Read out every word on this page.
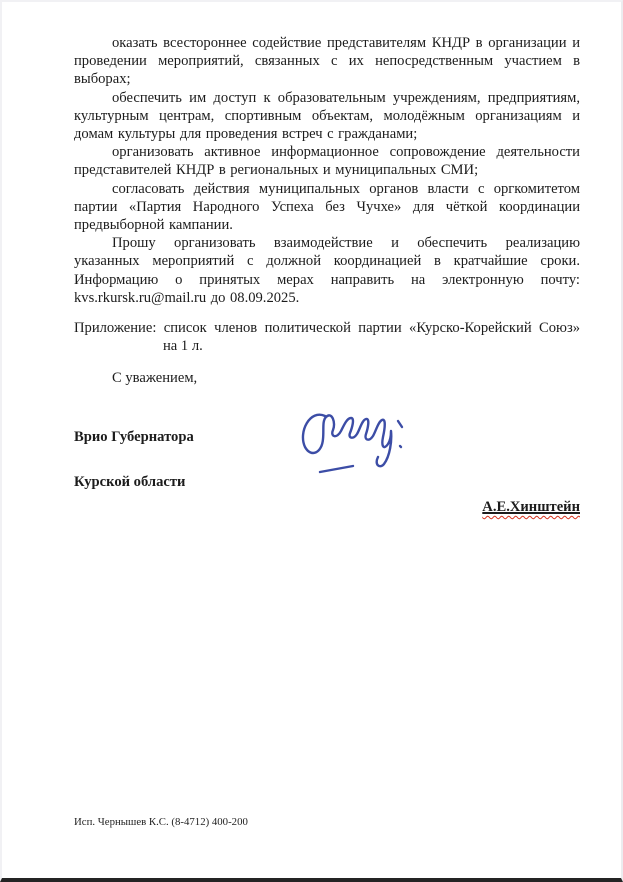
оказать всестороннее содействие представителям КНДР в организации и проведении мероприятий, связанных с их непосредственным участием в выборах;

обеспечить им доступ к образовательным учреждениям, предприятиям, культурным центрам, спортивным объектам, молодёжным организациям и домам культуры для проведения встреч с гражданами;

организовать активное информационное сопровождение деятельности представителей КНДР в региональных и муниципальных СМИ;

согласовать действия муниципальных органов власти с оргкомитетом партии «Партия Народного Успеха без Чучхе» для чёткой координации предвыборной кампании.

Прошу организовать взаимодействие и обеспечить реализацию указанных мероприятий с должной координацией в кратчайшие сроки. Информацию о принятых мерах направить на электронную почту: kvs.rkursk.ru@mail.ru до 08.09.2025.

Приложение: список членов политической партии «Курско-Корейский Союз»

на 1 л.

С уважением,

Врио Губернатора

Курской области

А.Е.Хинштейн
Исп. Чернышев К.С. (8-4712) 400-200
